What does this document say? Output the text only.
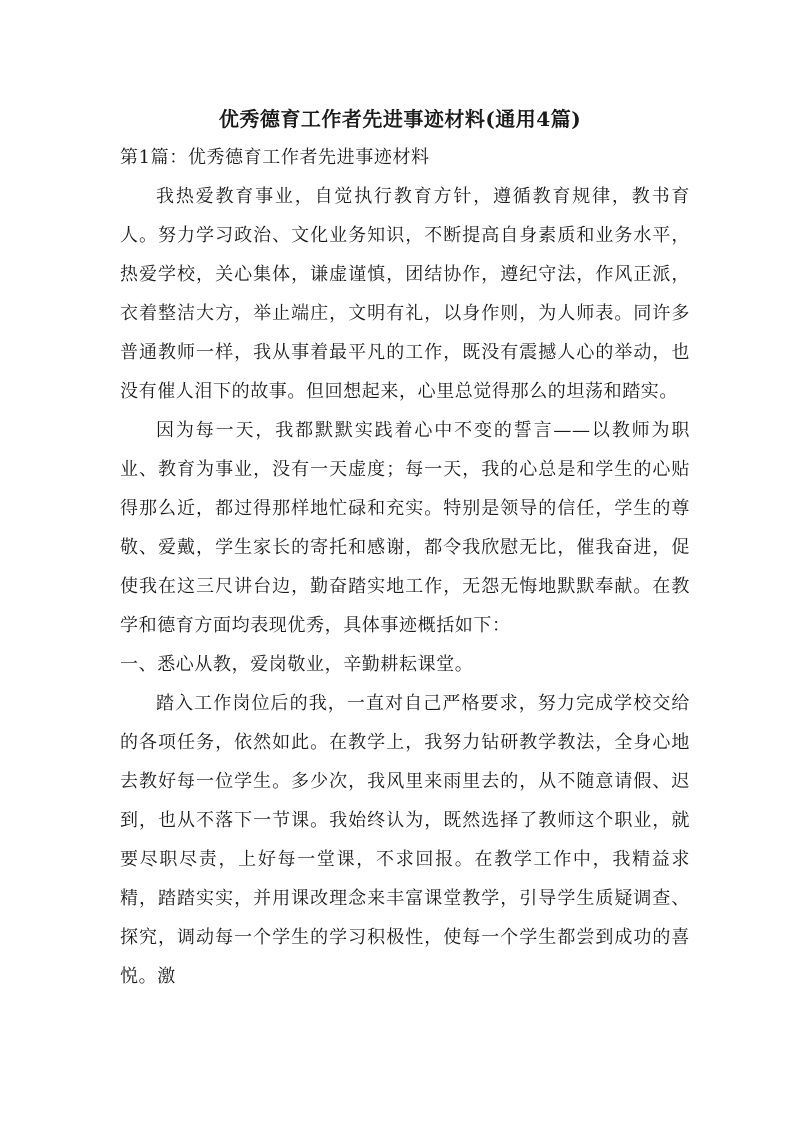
优秀德育工作者先进事迹材料(通用4篇)

第1篇：优秀德育工作者先进事迹材料

我热爱教育事业，自觉执行教育方针，遵循教育规律，教书育人。努力学习政治、文化业务知识，不断提高自身素质和业务水平，热爱学校，关心集体，谦虚谨慎，团结协作，遵纪守法，作风正派，衣着整洁大方，举止端庄，文明有礼，以身作则，为人师表。同许多普通教师一样，我从事着最平凡的工作，既没有震撼人心的举动，也没有催人泪下的故事。但回想起来，心里总觉得那么的坦荡和踏实。

因为每一天，我都默默实践着心中不变的誓言——以教师为职业、教育为事业，没有一天虚度；每一天，我的心总是和学生的心贴得那么近，都过得那样地忙碌和充实。特别是领导的信任，学生的尊敬、爱戴，学生家长的寄托和感谢，都令我欣慰无比，催我奋进，促使我在这三尺讲台边，勤奋踏实地工作，无怨无悔地默默奉献。在教学和德育方面均表现优秀，具体事迹概括如下：

一、悉心从教，爱岗敬业，辛勤耕耘课堂。

踏入工作岗位后的我，一直对自己严格要求，努力完成学校交给的各项任务，依然如此。在教学上，我努力钻研教学教法，全身心地去教好每一位学生。多少次，我风里来雨里去的，从不随意请假、迟到，也从不落下一节课。我始终认为，既然选择了教师这个职业，就要尽职尽责，上好每一堂课，不求回报。在教学工作中，我精益求精，踏踏实实，并用课改理念来丰富课堂教学，引导学生质疑调查、探究，调动每一个学生的学习积极性，使每一个学生都尝到成功的喜悦。激
